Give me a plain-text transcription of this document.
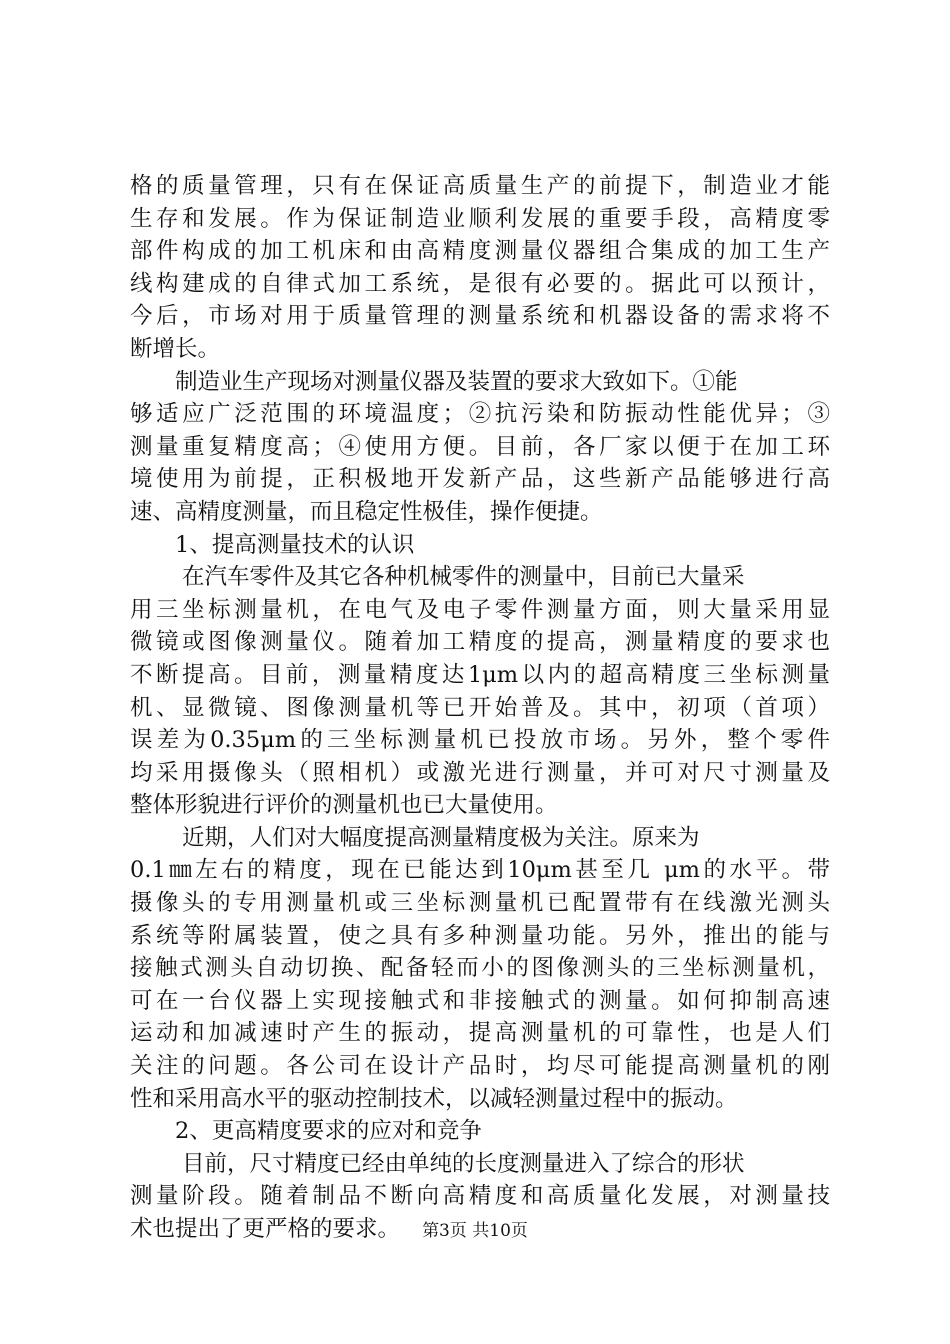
格的质量管理，只有在保证高质量生产的前提下，制造业才能
生存和发展。作为保证制造业顺利发展的重要手段，高精度零
部件构成的加工机床和由高精度测量仪器组合集成的加工生产
线构建成的自律式加工系统，是很有必要的。据此可以预计，
今后，市场对用于质量管理的测量系统和机器设备的需求将不
断增长。
制造业生产现场对测量仪器及装置的要求大致如下。①能
够适应广泛范围的环境温度；②抗污染和防振动性能优异；③
测量重复精度高；④使用方便。目前，各厂家以便于在加工环
境使用为前提，正积极地开发新产品，这些新产品能够进行高
速、高精度测量，而且稳定性极佳，操作便捷。
1、提高测量技术的认识
在汽车零件及其它各种机械零件的测量中，目前已大量采
用三坐标测量机，在电气及电子零件测量方面，则大量采用显
微镜或图像测量仪。随着加工精度的提高，测量精度的要求也
不断提高。目前，测量精度达1μm以内的超高精度三坐标测量
机、显微镜、图像测量机等已开始普及。其中，初项（首项）
误差为0.35μm的三坐标测量机已投放市场。另外，整个零件
均采用摄像头（照相机）或激光进行测量，并可对尺寸测量及
整体形貌进行评价的测量机也已大量使用。
近期，人们对大幅度提高测量精度极为关注。原来为
0.1㎜左右的精度，现在已能达到10μm甚至几 μm的水平。带
摄像头的专用测量机或三坐标测量机已配置带有在线激光测头
系统等附属装置，使之具有多种测量功能。另外，推出的能与
接触式测头自动切换、配备轻而小的图像测头的三坐标测量机，
可在一台仪器上实现接触式和非接触式的测量。如何抑制高速
运动和加减速时产生的振动，提高测量机的可靠性，也是人们
关注的问题。各公司在设计产品时，均尽可能提高测量机的刚
性和采用高水平的驱动控制技术，以减轻测量过程中的振动。
2、更高精度要求的应对和竞争
目前，尺寸精度已经由单纯的长度测量进入了综合的形状
测量阶段。随着制品不断向高精度和高质量化发展，对测量技
术也提出了更严格的要求。	第3页 共10页
